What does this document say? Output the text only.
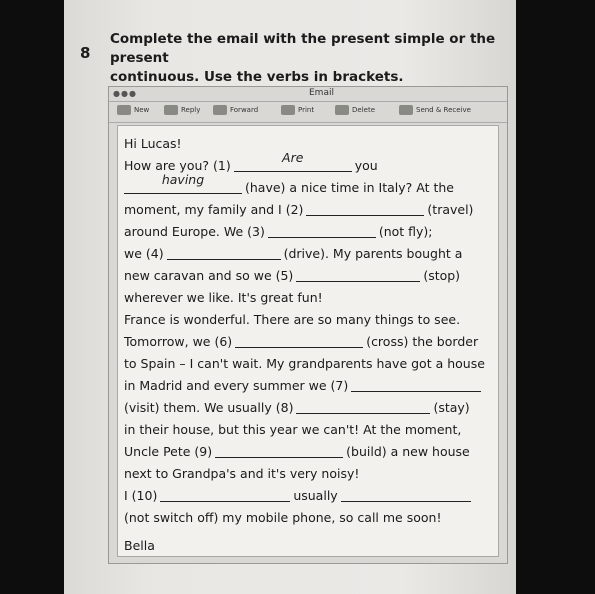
8
Complete the email with the present simple or the present
continuous. Use the verbs in brackets.
●●●	Email
New	Reply	Forward	Print	Delete	Send & Receive
Hi Lucas!
How are you? (1)
Are
you
having
(have) a nice time in Italy? At the
moment, my family and I (2)	(travel)
around Europe. We (3)	(not fly);
we (4)	(drive). My parents bought a
new caravan and so we (5)	(stop)
wherever we like. It's great fun!
France is wonderful. There are so many things to see.
Tomorrow, we (6)	(cross) the border
to Spain – I can't wait. My grandparents have got a house
in Madrid and every summer we (7)
(visit) them. We usually (8)	(stay)
in their house, but this year we can't! At the moment,
Uncle Pete (9)	(build) a new house
next to Grandpa's and it's very noisy!
I (10)	usually
(not switch off) my mobile phone, so call me soon!
Bella
